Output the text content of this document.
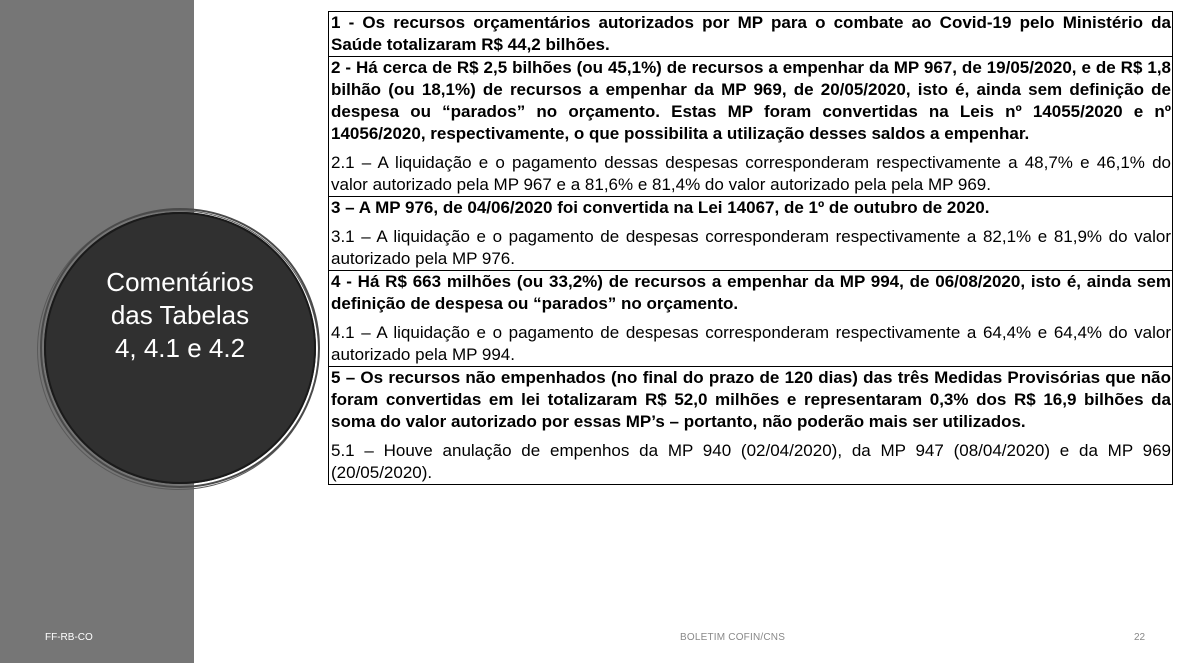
Comentários
das Tabelas
4, 4.1 e 4.2
1 - Os recursos orçamentários autorizados por MP para o combate ao Covid-19 pelo Ministério da Saúde totalizaram R$ 44,2 bilhões.
2 - Há cerca de R$ 2,5 bilhões (ou 45,1%) de recursos a empenhar da MP 967, de 19/05/2020, e de R$ 1,8 bilhão (ou 18,1%) de recursos a empenhar da MP 969, de 20/05/2020, isto é, ainda sem definição de despesa ou “parados” no orçamento. Estas MP foram convertidas na Leis nº 14055/2020 e nº 14056/2020, respectivamente, o que possibilita a utilização desses saldos a empenhar.
2.1 – A liquidação e o pagamento dessas despesas corresponderam respectivamente a 48,7% e 46,1% do valor autorizado pela MP 967 e a 81,6% e 81,4% do valor autorizado pela pela MP 969.
3 – A MP 976, de 04/06/2020 foi convertida na Lei 14067, de 1º de outubro de 2020.
3.1 – A liquidação e o pagamento de despesas corresponderam respectivamente a 82,1% e 81,9% do valor autorizado pela MP 976.
4 - Há R$ 663 milhões (ou 33,2%) de recursos a empenhar da MP 994, de 06/08/2020, isto é, ainda sem definição de despesa ou “parados” no orçamento.
4.1 – A liquidação e o pagamento de despesas corresponderam respectivamente a 64,4% e 64,4% do valor autorizado pela MP 994.
5 – Os recursos não empenhados (no final do prazo de 120 dias) das três Medidas Provisórias que não foram convertidas em lei totalizaram R$ 52,0 milhões e representaram 0,3% dos R$ 16,9 bilhões da soma do valor autorizado por essas MP’s – portanto, não poderão mais ser utilizados.
5.1 – Houve anulação de empenhos da MP 940 (02/04/2020), da MP 947 (08/04/2020) e da MP 969 (20/05/2020).
FF-RB-CO	BOLETIM COFIN/CNS	22
